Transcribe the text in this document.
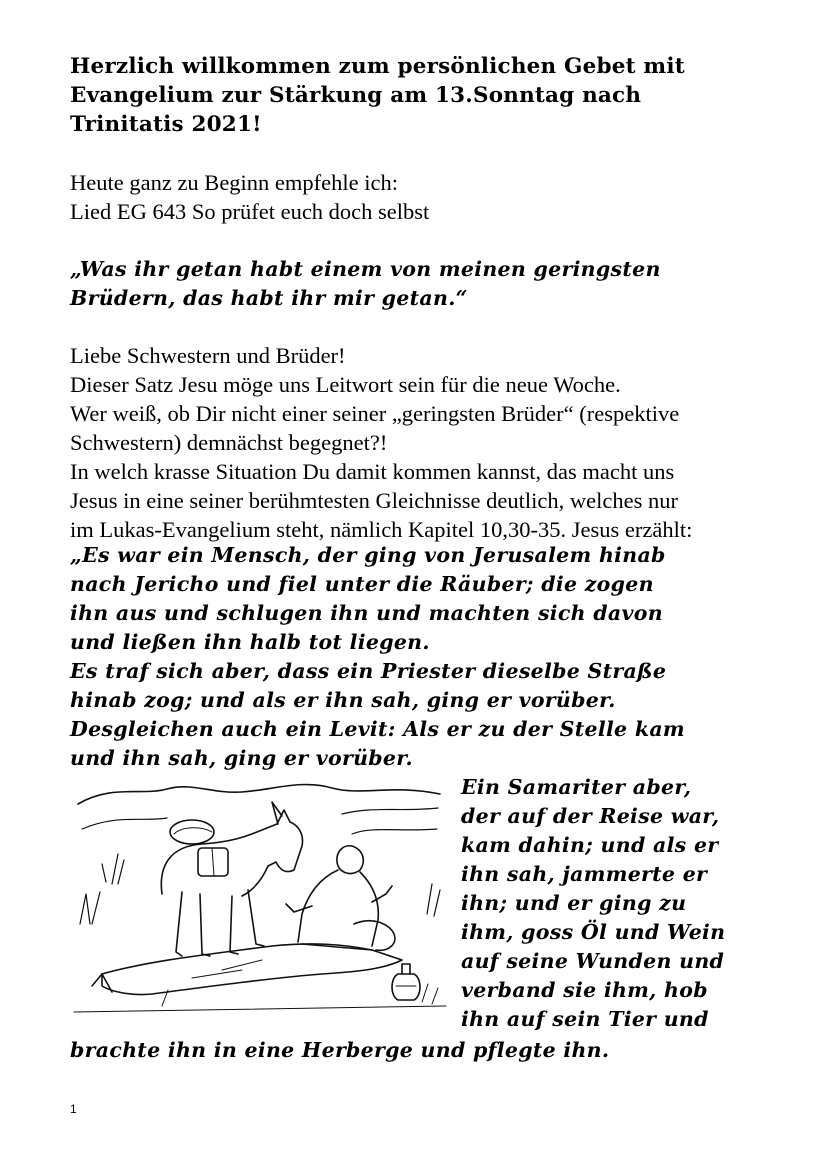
Herzlich willkommen zum persönlichen Gebet mit
Evangelium zur Stärkung am 13.Sonntag nach
Trinitatis 2021!
Heute ganz zu Beginn empfehle ich:
Lied EG 643 So prüfet euch doch selbst
„Was ihr getan habt einem von meinen geringsten
Brüdern, das habt ihr mir getan.“
Liebe Schwestern und Brüder!
Dieser Satz Jesu möge uns Leitwort sein für die neue Woche.
Wer weiß, ob Dir nicht einer seiner „geringsten Brüder“ (respektive
Schwestern) demnächst begegnet?!
In welch krasse Situation Du damit kommen kannst, das macht uns
Jesus in eine seiner berühmtesten Gleichnisse deutlich, welches nur
im Lukas-Evangelium steht, nämlich Kapitel 10,30-35. Jesus erzählt:
„Es war ein Mensch, der ging von Jerusalem hinab
nach Jericho und fiel unter die Räuber; die zogen
ihn aus und schlugen ihn und machten sich davon
und ließen ihn halb tot liegen.
Es traf sich aber, dass ein Priester dieselbe Straße
hinab zog; und als er ihn sah, ging er vorüber.
Desgleichen auch ein Levit: Als er zu der Stelle kam
und ihn sah, ging er vorüber.
Ein Samariter aber,
der auf der Reise war,
kam dahin; und als er
ihn sah, jammerte er
ihn; und er ging zu
ihm, goss Öl und Wein
auf seine Wunden und
verband sie ihm, hob
ihn auf sein Tier und
brachte ihn in eine Herberge und pflegte ihn.
1
